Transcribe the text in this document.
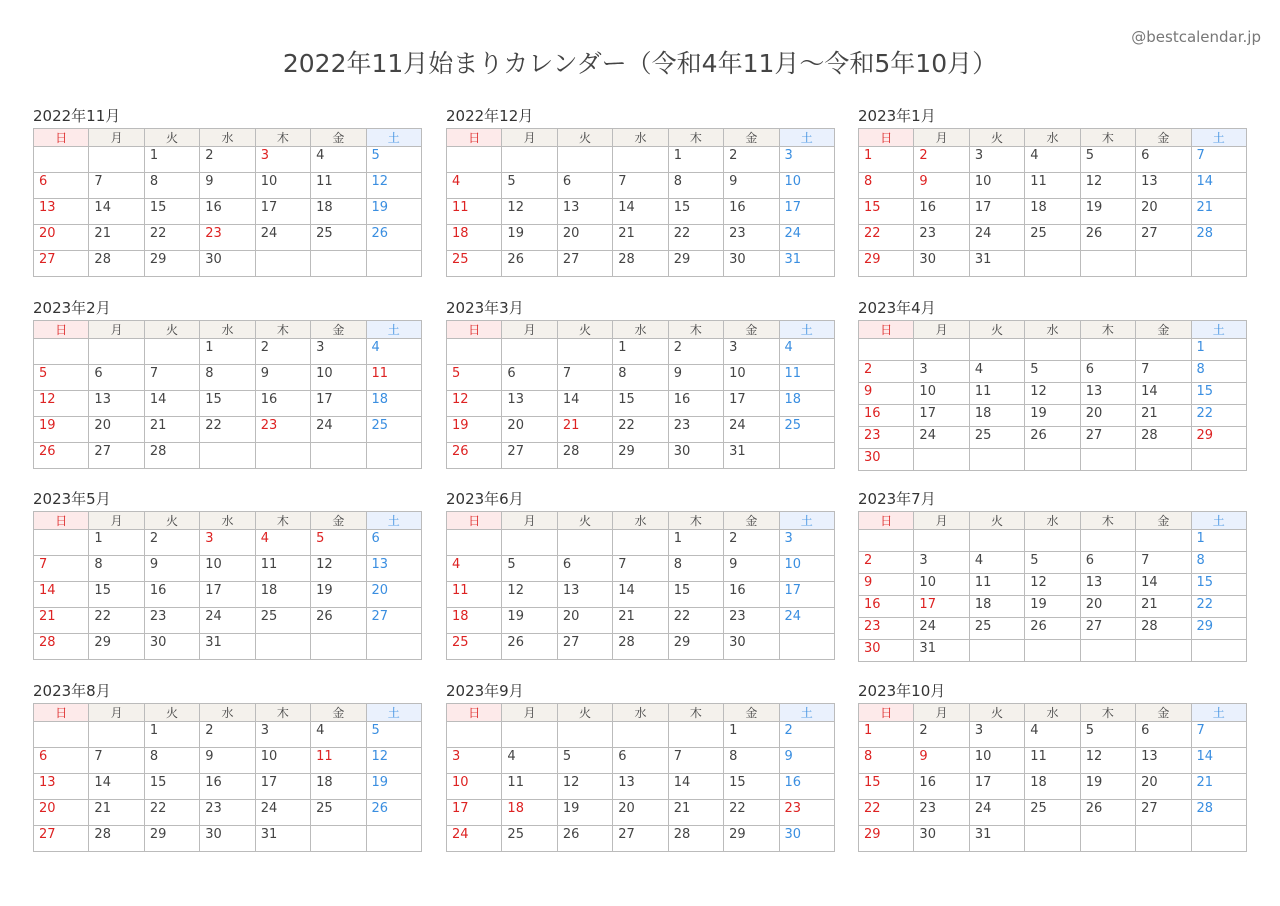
@bestcalendar.jp
2022年11月始まりカレンダー（令和4年11月〜令和5年10月）
2022年11月
日	月	火	水	木	金	土
		1	2	3	4	5
6	7	8	9	10	11	12
13	14	15	16	17	18	19
20	21	22	23	24	25	26
27	28	29	30			
2022年12月
日	月	火	水	木	金	土
				1	2	3
4	5	6	7	8	9	10
11	12	13	14	15	16	17
18	19	20	21	22	23	24
25	26	27	28	29	30	31
2023年1月
日	月	火	水	木	金	土
1	2	3	4	5	6	7
8	9	10	11	12	13	14
15	16	17	18	19	20	21
22	23	24	25	26	27	28
29	30	31				
2023年2月
日	月	火	水	木	金	土
			1	2	3	4
5	6	7	8	9	10	11
12	13	14	15	16	17	18
19	20	21	22	23	24	25
26	27	28				
2023年3月
日	月	火	水	木	金	土
			1	2	3	4
5	6	7	8	9	10	11
12	13	14	15	16	17	18
19	20	21	22	23	24	25
26	27	28	29	30	31	
2023年4月
日	月	火	水	木	金	土
						1
2	3	4	5	6	7	8
9	10	11	12	13	14	15
16	17	18	19	20	21	22
23	24	25	26	27	28	29
30						
2023年5月
日	月	火	水	木	金	土
	1	2	3	4	5	6
7	8	9	10	11	12	13
14	15	16	17	18	19	20
21	22	23	24	25	26	27
28	29	30	31			
2023年6月
日	月	火	水	木	金	土
				1	2	3
4	5	6	7	8	9	10
11	12	13	14	15	16	17
18	19	20	21	22	23	24
25	26	27	28	29	30	
2023年7月
日	月	火	水	木	金	土
						1
2	3	4	5	6	7	8
9	10	11	12	13	14	15
16	17	18	19	20	21	22
23	24	25	26	27	28	29
30	31					
2023年8月
日	月	火	水	木	金	土
		1	2	3	4	5
6	7	8	9	10	11	12
13	14	15	16	17	18	19
20	21	22	23	24	25	26
27	28	29	30	31		
2023年9月
日	月	火	水	木	金	土
					1	2
3	4	5	6	7	8	9
10	11	12	13	14	15	16
17	18	19	20	21	22	23
24	25	26	27	28	29	30
2023年10月
日	月	火	水	木	金	土
1	2	3	4	5	6	7
8	9	10	11	12	13	14
15	16	17	18	19	20	21
22	23	24	25	26	27	28
29	30	31				
